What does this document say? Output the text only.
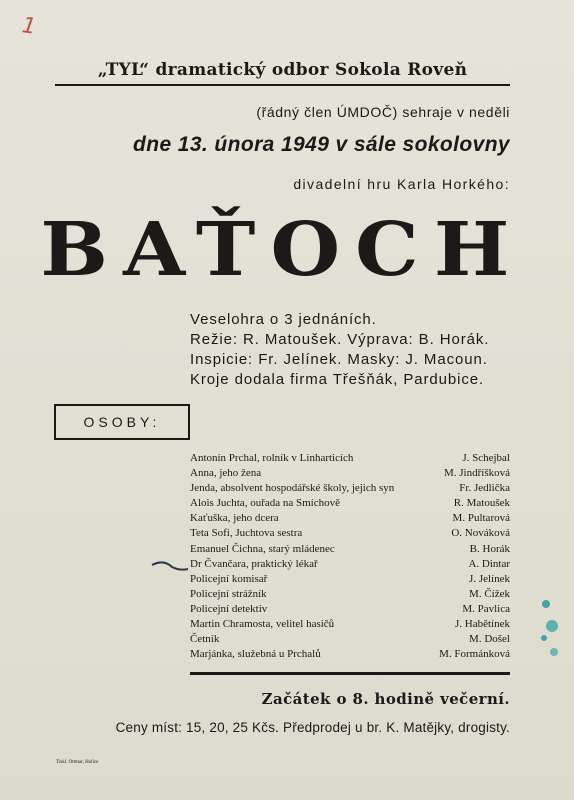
1
„TYL“ dramatický odbor Sokola Roveň
(řádný člen ÚMDOČ) sehraje v neděli
dne 13. února 1949 v sále sokolovny
divadelní hru Karla Horkého:
BAŤOCH
Veselohra o 3 jednáních.
Režie: R. Matoušek. Výprava: B. Horák.
Inspicie: Fr. Jelínek. Masky: J. Macoun.
Kroje dodala firma Třešňák, Pardubice.
OSOBY:
Antonín Prchal, rolník v Linharticích	J. Schejbal
Anna, jeho žena	M. Jindříšková
Jenda, absolvent hospodářské školy, jejich syn	Fr. Jedlička
Alois Juchta, ouřada na Smíchově	R. Matoušek
Kaťuška, jeho dcera	M. Pultarová
Teta Sofi, Juchtova sestra	O. Nováková
Emanuel Čichna, starý mládenec	B. Horák
Dr Čvančara, praktický lékař	A. Dintar
Policejní komisař	J. Jelínek
Policejní strážník	M. Čížek
Policejní detektiv	M. Pavlica
Martin Chramosta, velitel hasičů	J. Habětínek
Četník	M. Došel
Marjánka, služebná u Prchalů	M. Formánková
Začátek o 8. hodině večerní.
Ceny míst: 15, 20, 25 Kčs. Předprodej u br. K. Matějky, drogisty.
Tiskl. Ottmar, Holice
